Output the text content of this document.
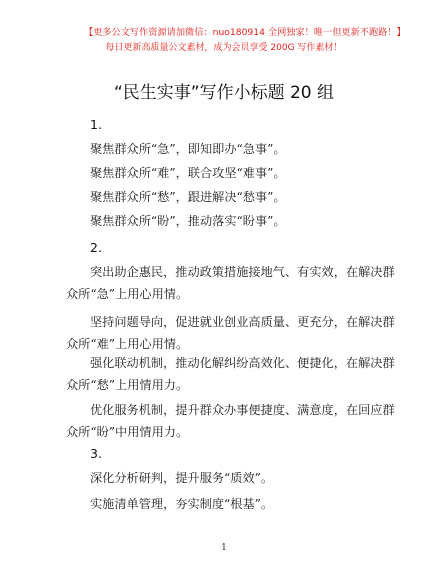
【更多公文写作资源请加微信：nuo180914 全网独家！唯一但更新不跑路！】
每日更新高质量公文素材，成为会员享受 200G 写作素材！
“民生实事”写作小标题 20 组
1.
聚焦群众所“急”，即知即办“急事”。
聚焦群众所“难”，联合攻坚“难事”。
聚焦群众所“愁”，跟进解决“愁事”。
聚焦群众所“盼”，推动落实“盼事”。
2.
突出助企惠民，推动政策措施接地气、有实效，在解决群
众所“急”上用心用情。
坚持问题导向，促进就业创业高质量、更充分，在解决群
众所“难”上用心用情。
强化联动机制，推动化解纠纷高效化、便捷化，在解决群
众所“愁”上用情用力。
优化服务机制，提升群众办事便捷度、满意度，在回应群
众所“盼”中用情用力。
3.
深化分析研判，提升服务“质效”。
实施清单管理，夯实制度“根基”。
1
